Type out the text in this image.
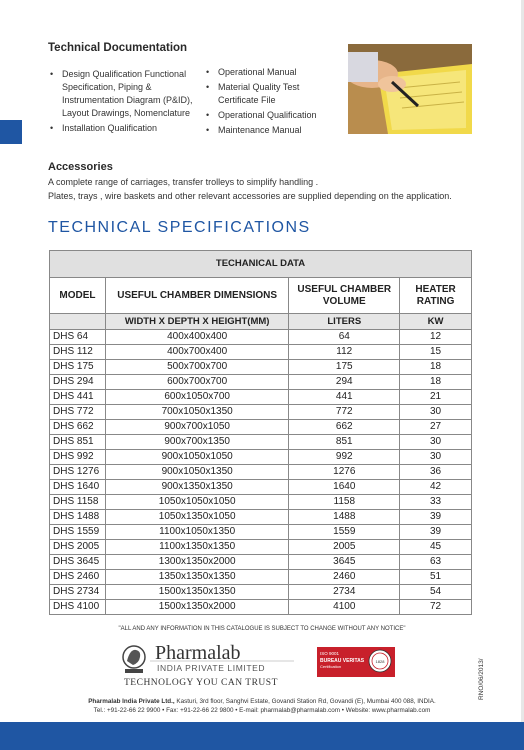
Technical Documentation
• Design Qualification Functional Specification, Piping & Instrumentation Diagram (P&ID), Layout Drawings, Nomenclature
• Installation Qualification
• Operational Manual
• Material Quality Test Certificate File
• Operational Qualification
• Maintenance Manual
Accessories
A complete range of carriages, transfer trolleys to simplify handling .
Plates, trays , wire baskets and other relevant accessories are supplied depending on the application.
TECHNICAL SPECIFICATIONS
TECHANICAL DATA			
MODEL	USEFUL CHAMBER DIMENSIONS	USEFUL CHAMBER VOLUME	HEATER RATING
	WIDTH X DEPTH X HEIGHT(MM)	LITERS	KW
DHS 64	400x400x400	64	12
DHS 112	400x700x400	112	15
DHS 175	500x700x700	175	18
DHS 294	600x700x700	294	18
DHS 441	600x1050x700	441	21
DHS 772	700x1050x1350	772	30
DHS 662	900x700x1050	662	27
DHS 851	900x700x1350	851	30
DHS 992	900x1050x1050	992	30
DHS 1276	900x1050x1350	1276	36
DHS 1640	900x1350x1350	1640	42
DHS 1158	1050x1050x1050	1158	33
DHS 1488	1050x1350x1050	1488	39
DHS 1559	1100x1050x1350	1559	39
DHS 2005	1100x1350x1350	2005	45
DHS 3645	1300x1350x2000	3645	63
DHS 2460	1350x1350x1350	2460	51
DHS 2734	1500x1350x1350	2734	54
DHS 4100	1500x1350x2000	4100	72
"ALL AND ANY INFORMATION IN THIS CATALOGUE IS SUBJECT TO CHANGE WITHOUT ANY NOTICE"
Pharmalab
INDIA PRIVATE LIMITED
TECHNOLOGY YOU CAN TRUST
ISO 9001
BUREAU VERITAS
Certification
1828	RNO/06/2013/
Pharmalab India Private Ltd., Kasturi, 3rd floor, Sanghvi Estate, Govandi Station Rd, Govandi (E), Mumbai 400 088, INDIA.
Tel.: +91-22-66 22 9900 • Fax: +91-22-66 22 9800 • E-mail: pharmalab@pharmalab.com • Website: www.pharmalab.com
